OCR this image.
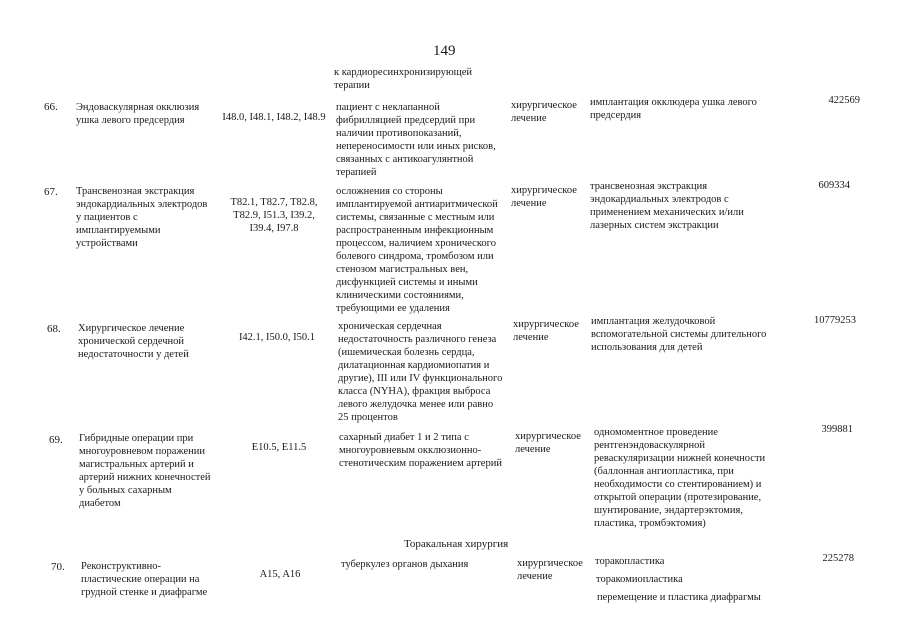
149

к кардиоресинхронизирующей
терапии

66. Эндоваскулярная окклюзия
ушка левого предсердия	I48.0, I48.1, I48.2, I48.9

пациент с неклапанной
фибрилляцией предсердий при
наличии противопоказаний,
непереносимости или иных рисков,
связанных с антикоагулянтной
терапией

хирургическое
лечение

имплантация окклюдера ушка левого
предсердия

422569
67. Трансвенозная экстракция
эндокардиальных электродов
у пациентов с
имплантируемыми
устройствами

T82.1, T82.7, T82.8,
T82.9, I51.3, I39.2,
I39.4, I97.8

осложнения со стороны
имплантируемой антиаритмической
системы, связанные с местным или
распространенным инфекционным
процессом, наличием хронического
болевого синдрома, тромбозом или
стенозом магистральных вен,
дисфункцией системы и иными
клиническими состояниями,
требующими ее удаления

хирургическое
лечение

трансвенозная экстракция
эндокардиальных электродов с
применением механических и/или
лазерных систем экстракции

609334
68. Хирургическое лечение
хронической сердечной
недостаточности у детей

I42.1, I50.0, I50.1

хроническая сердечная
недостаточность различного генеза
(ишемическая болезнь сердца,
дилатационная кардиомиопатия и
другие), III или IV функционального
класса (NYHA), фракция выброса
левого желудочка менее или равно
25 процентов

хирургическое
лечение

имплантация желудочковой
вспомогательной системы длительного
использования для детей

10779253
69. Гибридные операции при
многоуровневом поражении
магистральных артерий и
артерий нижних конечностей
у больных сахарным
диабетом

E10.5, E11.5

сахарный диабет 1 и 2 типа с
многоуровневым окклюзионно-
стенотическим поражением артерий

хирургическое
лечение

одномоментное проведение
рентгенэндоваскулярной
реваскуляризации нижней конечности
(баллонная ангиопластика, при
необходимости со стентированием) и
открытой операции (протезирование,
шунтирование, эндартерэктомия,
пластика, тромбэктомия)

399881
Торакальная хирургия
70. Реконструктивно-
пластические операции на
грудной стенке и диафрагме

A15, A16

туберкулез органов дыхания	хирургическое
лечение

торакопластика

торакомиопластика

перемещение и пластика диафрагмы

225278
